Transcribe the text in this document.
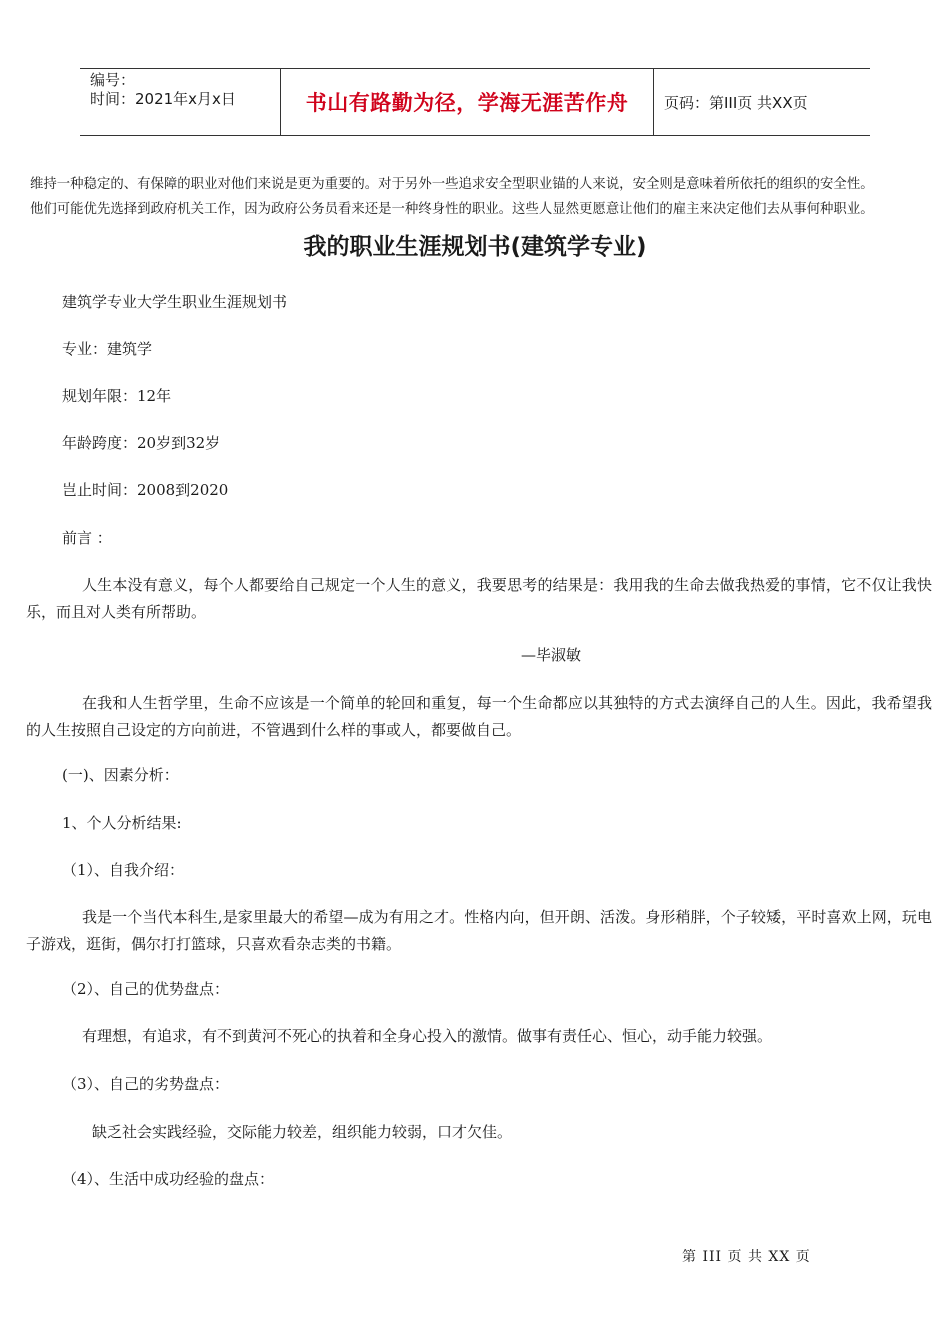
编号：
时间：2021年x月x日	书山有路勤为径，学海无涯苦作舟	页码：第III页 共XX页
维持一种稳定的、有保障的职业对他们来说是更为重要的。对于另外一些追求安全型职业锚的人来说，安全则是意味着所依托的组织的安全性。
他们可能优先选择到政府机关工作，因为政府公务员看来还是一种终身性的职业。这些人显然更愿意让他们的雇主来决定他们去从事何种职业。
我的职业生涯规划书(建筑学专业)
建筑学专业大学生职业生涯规划书
专业：建筑学
规划年限：12年
年龄跨度：20岁到32岁
岂止时间：2008到2020
前言 ：
人生本没有意义，每个人都要给自己规定一个人生的意义，我要思考的结果是：我用我的生命去做我热爱的事情，它不仅让我快乐，而且对人类有所帮助。
—毕淑敏
在我和人生哲学里，生命不应该是一个简单的轮回和重复，每一个生命都应以其独特的方式去演绎自己的人生。因此，我希望我的人生按照自己设定的方向前进，不管遇到什么样的事或人，都要做自己。
(一)、因素分析：
1、个人分析结果:
（1）、自我介绍：
我是一个当代本科生,是家里最大的希望—成为有用之才。性格内向，但开朗、活泼。身形稍胖，个子较矮，平时喜欢上网，玩电子游戏，逛街，偶尔打打篮球，只喜欢看杂志类的书籍。
（2）、自己的优势盘点：
有理想，有追求，有不到黄河不死心的执着和全身心投入的激情。做事有责任心、恒心，动手能力较强。
（3）、自己的劣势盘点：
缺乏社会实践经验，交际能力较差，组织能力较弱，口才欠佳。
（4）、生活中成功经验的盘点：
第 III 页 共 XX 页
